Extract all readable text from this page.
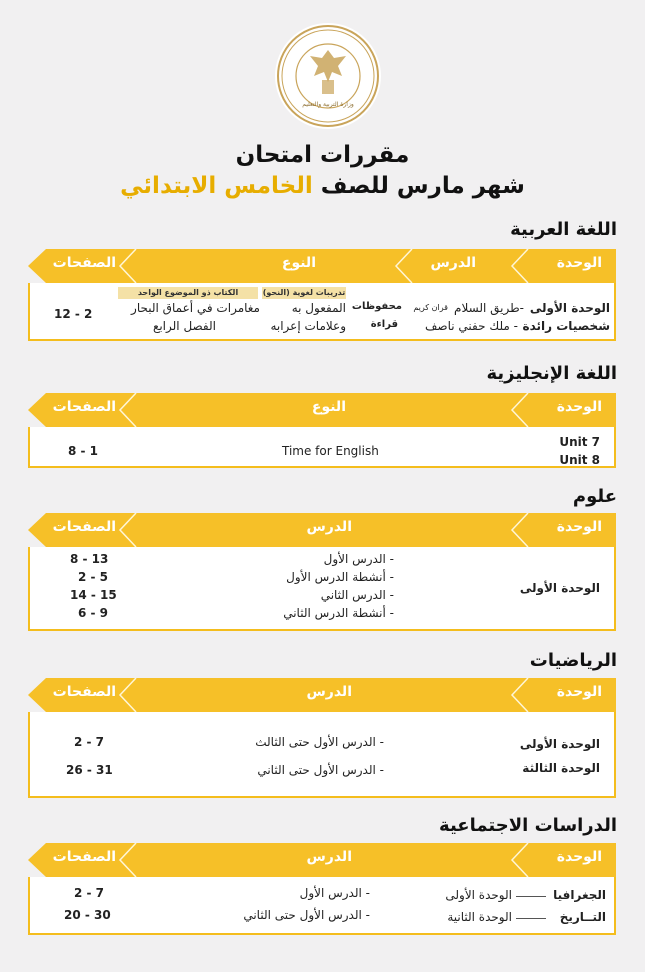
وزارة التربية والتعليم
مقررات امتحان
شهر مارس للصف الخامس الابتدائي
اللغة العربية
الوحدة
الدرس
النوع
الصفحات
الوحدة الأولى
شخصيات رائدة
-طريق السلام
قران كريم
- ملك حفني ناصف
محفوظات
قراءة
تدريبات لغوية (النحو)
المفعول به
وعلامات إعرابه
الكتاب ذو الموضوع الواحد
مغامرات في أعماق البحار
الفصل الرابع
12 - 2
اللغة الإنجليزية
الوحدة
النوع
الصفحات
Unit 7
Unit 8
Time for English
8 - 1
علوم
الوحدة
الدرس
الصفحات
الوحدة الأولى
- الدرس الأول
- أنشطة الدرس الأول
- الدرس الثاني
- أنشطة الدرس الثاني
8 - 13
2 - 5
14 - 15
6 - 9
الرياضيات
الوحدة
الدرس
الصفحات
الوحدة الأولى
الوحدة الثالثة
- الدرس الأول حتى الثالث
- الدرس الأول حتى الثاني
2 - 7
26 - 31
الدراسات الاجتماعية
الوحدة
الدرس
الصفحات
الجغرافيا
التــاريخ
الوحدة الأولى
الوحدة الثانية
- الدرس الأول
- الدرس الأول حتى الثاني
2 - 7
20 - 30
